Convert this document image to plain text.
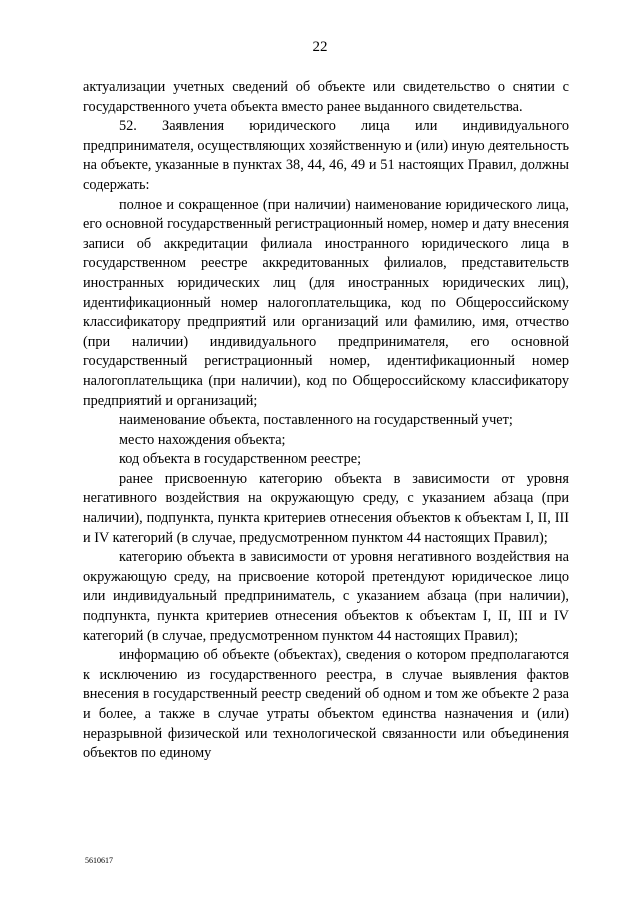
22

актуализации учетных сведений об объекте или свидетельство о снятии с государственного учета объекта вместо ранее выданного свидетельства.

52. Заявления юридического лица или индивидуального предпринимателя, осуществляющих хозяйственную и (или) иную деятельность на объекте, указанные в пунктах 38, 44, 46, 49 и 51 настоящих Правил, должны содержать:

полное и сокращенное (при наличии) наименование юридического лица, его основной государственный регистрационный номер, номер и дату внесения записи об аккредитации филиала иностранного юридического лица в государственном реестре аккредитованных филиалов, представительств иностранных юридических лиц (для иностранных юридических лиц), идентификационный номер налогоплательщика, код по Общероссийскому классификатору предприятий или организаций или фамилию, имя, отчество (при наличии) индивидуального предпринимателя, его основной государственный регистрационный номер, идентификационный номер налогоплательщика (при наличии), код по Общероссийскому классификатору предприятий и организаций;

наименование объекта, поставленного на государственный учет;

место нахождения объекта;

код объекта в государственном реестре;

ранее присвоенную категорию объекта в зависимости от уровня негативного воздействия на окружающую среду, с указанием абзаца (при наличии), подпункта, пункта критериев отнесения объектов к объектам I, II, III и IV категорий (в случае, предусмотренном пунктом 44 настоящих Правил);

категорию объекта в зависимости от уровня негативного воздействия на окружающую среду, на присвоение которой претендуют юридическое лицо или индивидуальный предприниматель, с указанием абзаца (при наличии), подпункта, пункта критериев отнесения объектов к объектам I, II, III и IV категорий (в случае, предусмотренном пунктом 44 настоящих Правил);

информацию об объекте (объектах), сведения о котором предполагаются к исключению из государственного реестра, в случае выявления фактов внесения в государственный реестр сведений об одном и том же объекте 2 раза и более, а также в случае утраты объектом единства назначения и (или) неразрывной физической или технологической связанности или объединения объектов по единому

5610617
